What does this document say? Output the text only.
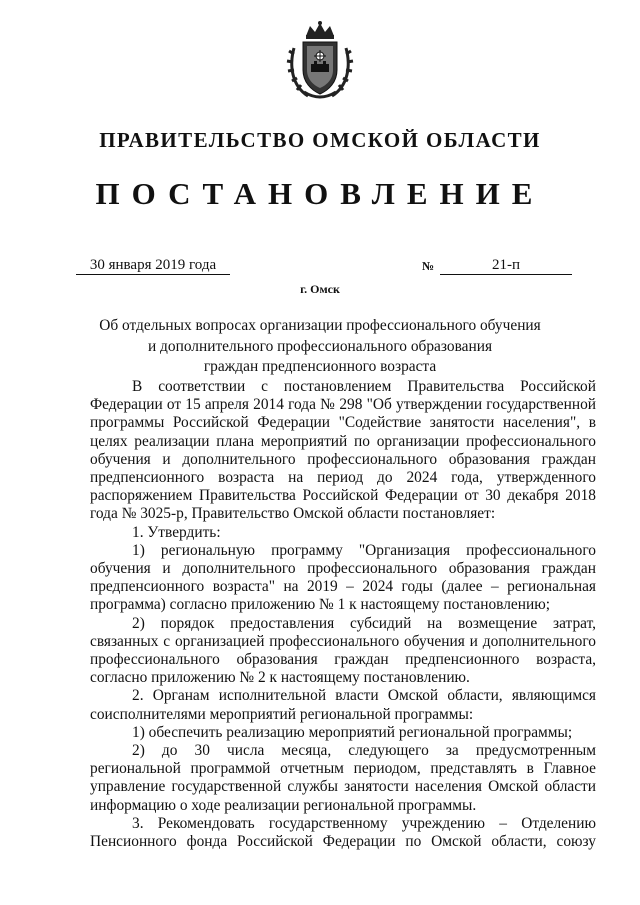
ПРАВИТЕЛЬСТВО ОМСКОЙ ОБЛАСТИ
ПОСТАНОВЛЕНИЕ
30 января 2019 года	№	21-п
г. Омск
Об отдельных вопросах организации профессионального обучения
и дополнительного профессионального образования
граждан предпенсионного возраста

В соответствии с постановлением Правительства Российской Федерации от 15 апреля 2014 года № 298 "Об утверждении государственной программы Российской Федерации "Содействие занятости населения", в целях реализации плана мероприятий по организации профессионального обучения и дополнительного профессионального образования граждан предпенсионного возраста на период до 2024 года, утвержденного распоряжением Правительства Российской Федерации от 30 декабря 2018 года № 3025-р, Правительство Омской области постановляет:

1. Утвердить:

1) региональную программу "Организация профессионального обучения и дополнительного профессионального образования граждан предпенсионного возраста" на 2019 – 2024 годы (далее – региональная программа) согласно приложению № 1 к настоящему постановлению;

2) порядок предоставления субсидий на возмещение затрат, связанных с организацией профессионального обучения и дополнительного профессионального образования граждан предпенсионного возраста, согласно приложению № 2 к настоящему постановлению.

2. Органам исполнительной власти Омской области, являющимся соисполнителями мероприятий региональной программы:

1) обеспечить реализацию мероприятий региональной программы;

2) до 30 числа месяца, следующего за предусмотренным региональной программой отчетным периодом, представлять в Главное управление государственной службы занятости населения Омской области информацию о ходе реализации региональной программы.

3. Рекомендовать государственному учреждению – Отделению Пенсионного фонда Российской Федерации по Омской области, союзу
